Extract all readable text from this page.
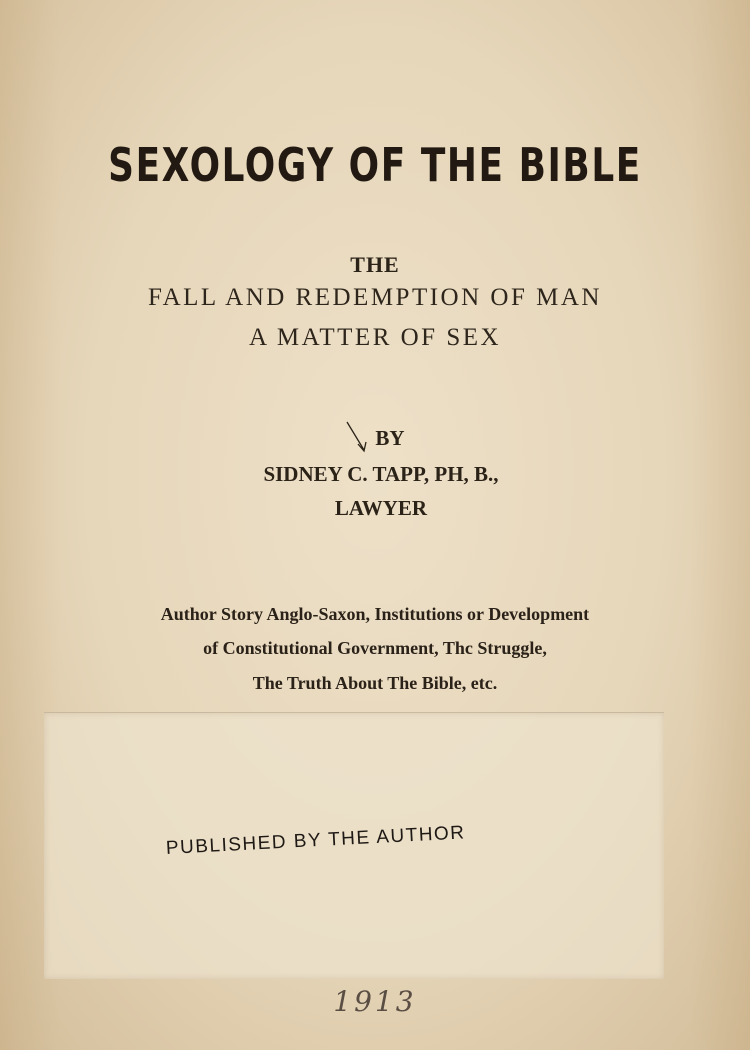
SEXOLOGY OF THE BIBLE
THE
FALL AND REDEMPTION OF MAN
A MATTER OF SEX
BY
SIDNEY C. TAPP, PH, B.,
LAWYER
Author Story Anglo-Saxon, Institutions or Development
of Constitutional Government, Thc Struggle,
The Truth About The Bible, etc.
PUBLISHED BY THE AUTHOR
1913
